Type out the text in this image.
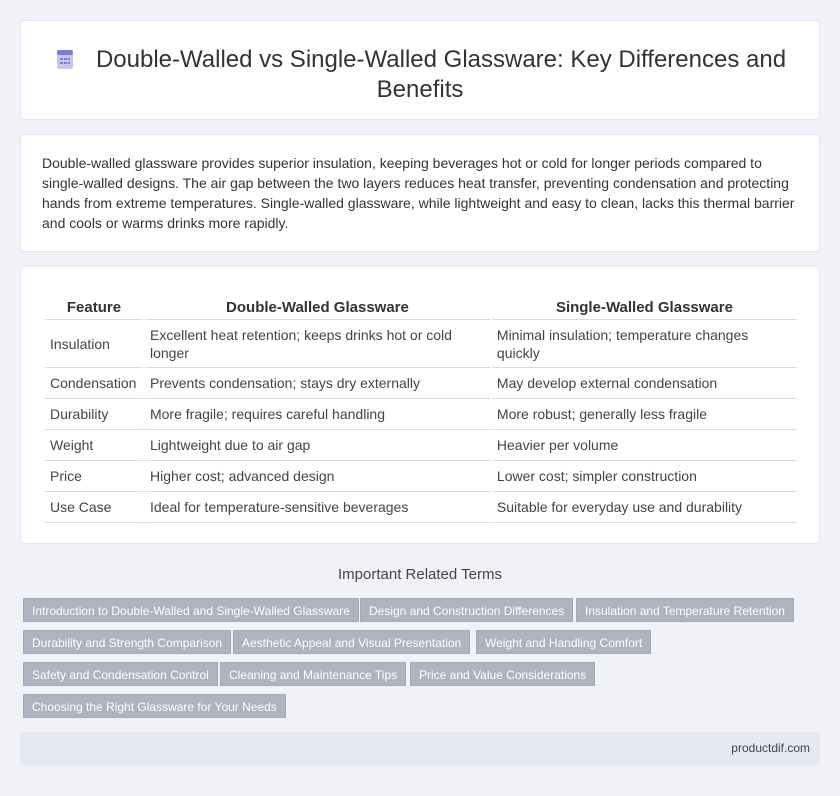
Double-Walled vs Single-Walled Glassware: Key Differences and Benefits

Double-walled glassware provides superior insulation, keeping beverages hot or cold for longer periods compared to single-walled designs. The air gap between the two layers reduces heat transfer, preventing condensation and protecting hands from extreme temperatures. Single-walled glassware, while lightweight and easy to clean, lacks this thermal barrier and cools or warms drinks more rapidly.

Feature	Double-Walled Glassware	Single-Walled Glassware
Insulation	Excellent heat retention; keeps drinks hot or cold longer	Minimal insulation; temperature changes quickly
Condensation	Prevents condensation; stays dry externally	May develop external condensation
Durability	More fragile; requires careful handling	More robust; generally less fragile
Weight	Lightweight due to air gap	Heavier per volume
Price	Higher cost; advanced design	Lower cost; simpler construction
Use Case	Ideal for temperature-sensitive beverages	Suitable for everyday use and durability
Important Related Terms
Introduction to Double-Walled and Single-Walled Glassware	Design and Construction Differences	Insulation and Temperature Retention
Durability and Strength Comparison	Aesthetic Appeal and Visual Presentation	Weight and Handling Comfort
Safety and Condensation Control	Cleaning and Maintenance Tips	Price and Value Considerations
Choosing the Right Glassware for Your Needs
productdif.com
